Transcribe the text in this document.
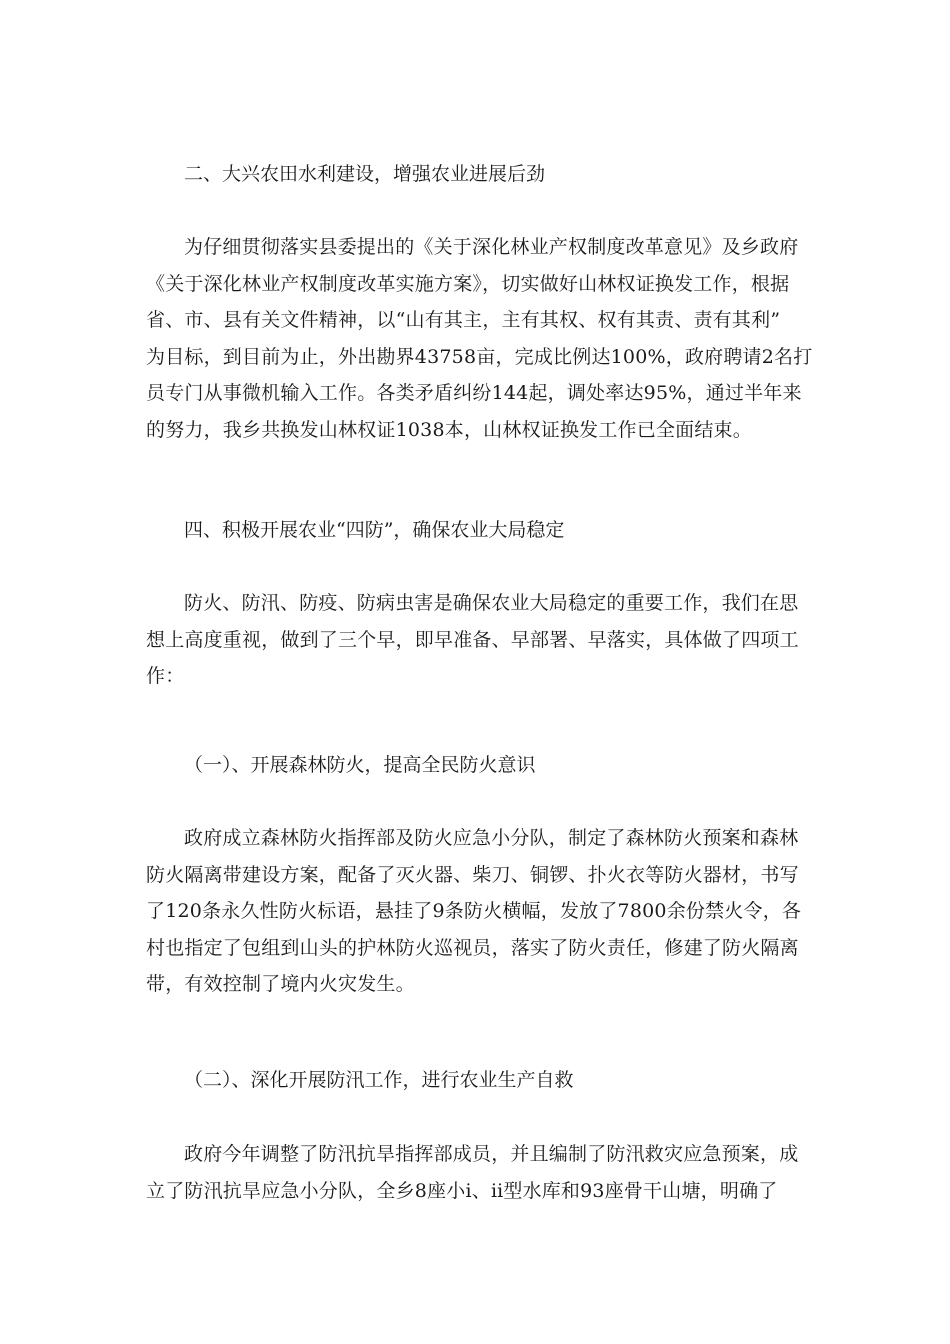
二、大兴农田水利建设，增强农业进展后劲
为仔细贯彻落实县委提出的《关于深化林业产权制度改革意见》及乡政府
《关于深化林业产权制度改革实施方案》，切实做好山林权证换发工作，根据
省、市、县有关文件精神，以“山有其主，主有其权、权有其责、责有其利”
为目标，到目前为止，外出勘界43758亩，完成比例达100%，政府聘请2名打
员专门从事微机输入工作。各类矛盾纠纷144起，调处率达95%，通过半年来
的努力，我乡共换发山林权证1038本，山林权证换发工作已全面结束。
四、积极开展农业“四防”，确保农业大局稳定
防火、防汛、防疫、防病虫害是确保农业大局稳定的重要工作，我们在思
想上高度重视，做到了三个早，即早准备、早部署、早落实，具体做了四项工
作：
（一）、开展森林防火，提高全民防火意识
政府成立森林防火指挥部及防火应急小分队，制定了森林防火预案和森林
防火隔离带建设方案，配备了灭火器、柴刀、铜锣、扑火衣等防火器材，书写
了120条永久性防火标语，悬挂了9条防火横幅，发放了7800余份禁火令，各
村也指定了包组到山头的护林防火巡视员，落实了防火责任，修建了防火隔离
带，有效控制了境内火灾发生。
（二）、深化开展防汛工作，进行农业生产自救
政府今年调整了防汛抗旱指挥部成员，并且编制了防汛救灾应急预案，成
立了防汛抗旱应急小分队，全乡8座小ⅰ、ⅱ型水库和93座骨干山塘，明确了
